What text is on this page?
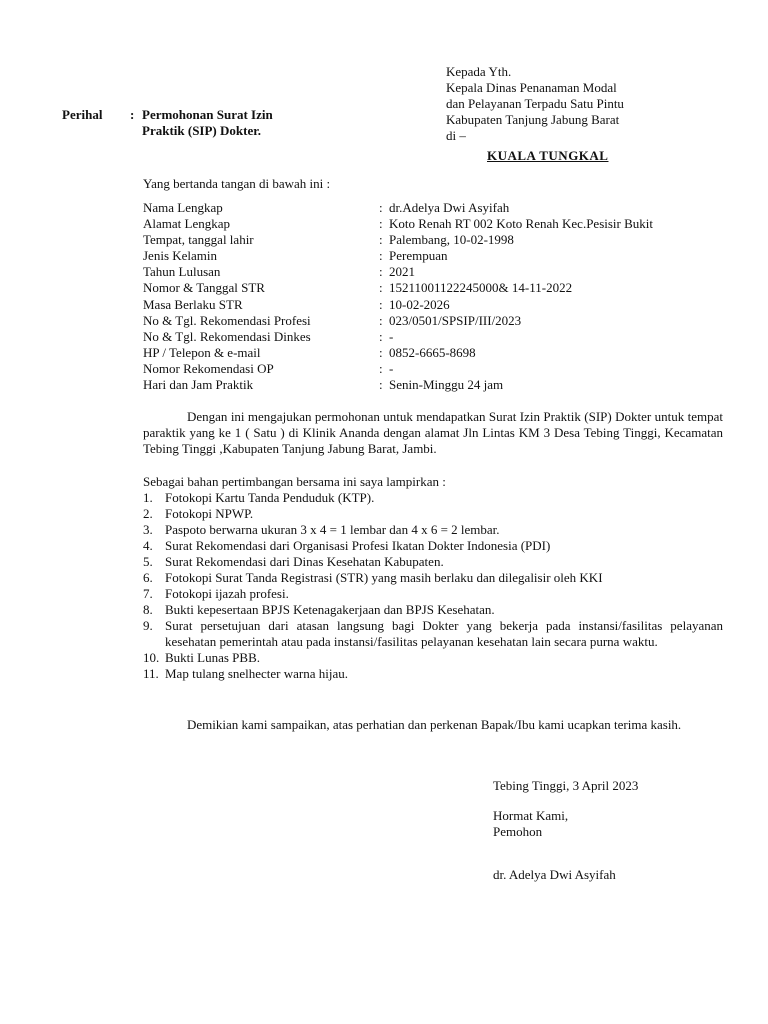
Kepada Yth.
Kepala Dinas Penanaman Modal
dan Pelayanan Terpadu Satu Pintu
Kabupaten Tanjung Jabung Barat
di –
Perihal : Permohonan Surat Izin
Praktik (SIP) Dokter.
KUALA TUNGKAL
Yang bertanda tangan di bawah ini :
Nama Lengkap	: dr.Adelya Dwi Asyifah
Alamat Lengkap	: Koto Renah RT 002 Koto Renah Kec.Pesisir Bukit
Tempat, tanggal lahir	: Palembang, 10-02-1998
Jenis Kelamin	: Perempuan
Tahun Lulusan	: 2021
Nomor & Tanggal STR	: 15211001122245000& 14-11-2022
Masa Berlaku STR	: 10-02-2026
No & Tgl. Rekomendasi Profesi	: 023/0501/SPSIP/III/2023
No & Tgl. Rekomendasi Dinkes	: -
HP / Telepon & e-mail	: 0852-6665-8698
Nomor Rekomendasi OP	: -
Hari dan Jam Praktik	: Senin-Minggu 24 jam

Dengan ini mengajukan permohonan untuk mendapatkan Surat Izin Praktik (SIP) Dokter untuk tempat paraktik yang ke 1 ( Satu ) di Klinik Ananda dengan alamat Jln Lintas KM 3 Desa Tebing Tinggi, Kecamatan Tebing Tinggi ,Kabupaten Tanjung Jabung Barat, Jambi.

Sebagai bahan pertimbangan bersama ini saya lampirkan :
1. Fotokopi Kartu Tanda Penduduk (KTP).
2. Fotokopi NPWP.
3. Paspoto berwarna ukuran 3 x 4 = 1 lembar dan 4 x 6 = 2 lembar.
4. Surat Rekomendasi dari Organisasi Profesi Ikatan Dokter Indonesia (PDI)
5. Surat Rekomendasi dari Dinas Kesehatan Kabupaten.
6. Fotokopi Surat Tanda Registrasi (STR) yang masih berlaku dan dilegalisir oleh KKI
7. Fotokopi ijazah profesi.
8. Bukti kepesertaan BPJS Ketenagakerjaan dan BPJS Kesehatan.
9. Surat persetujuan dari atasan langsung bagi Dokter yang bekerja pada instansi/fasilitas pelayanan kesehatan pemerintah atau pada instansi/fasilitas pelayanan kesehatan lain secara purna waktu.
10. Bukti Lunas PBB.
11. Map tulang snelhecter warna hijau.

Demikian kami sampaikan, atas perhatian dan perkenan Bapak/Ibu kami ucapkan terima kasih.

Tebing Tinggi, 3 April 2023
Hormat Kami,
Pemohon
dr. Adelya Dwi Asyifah
